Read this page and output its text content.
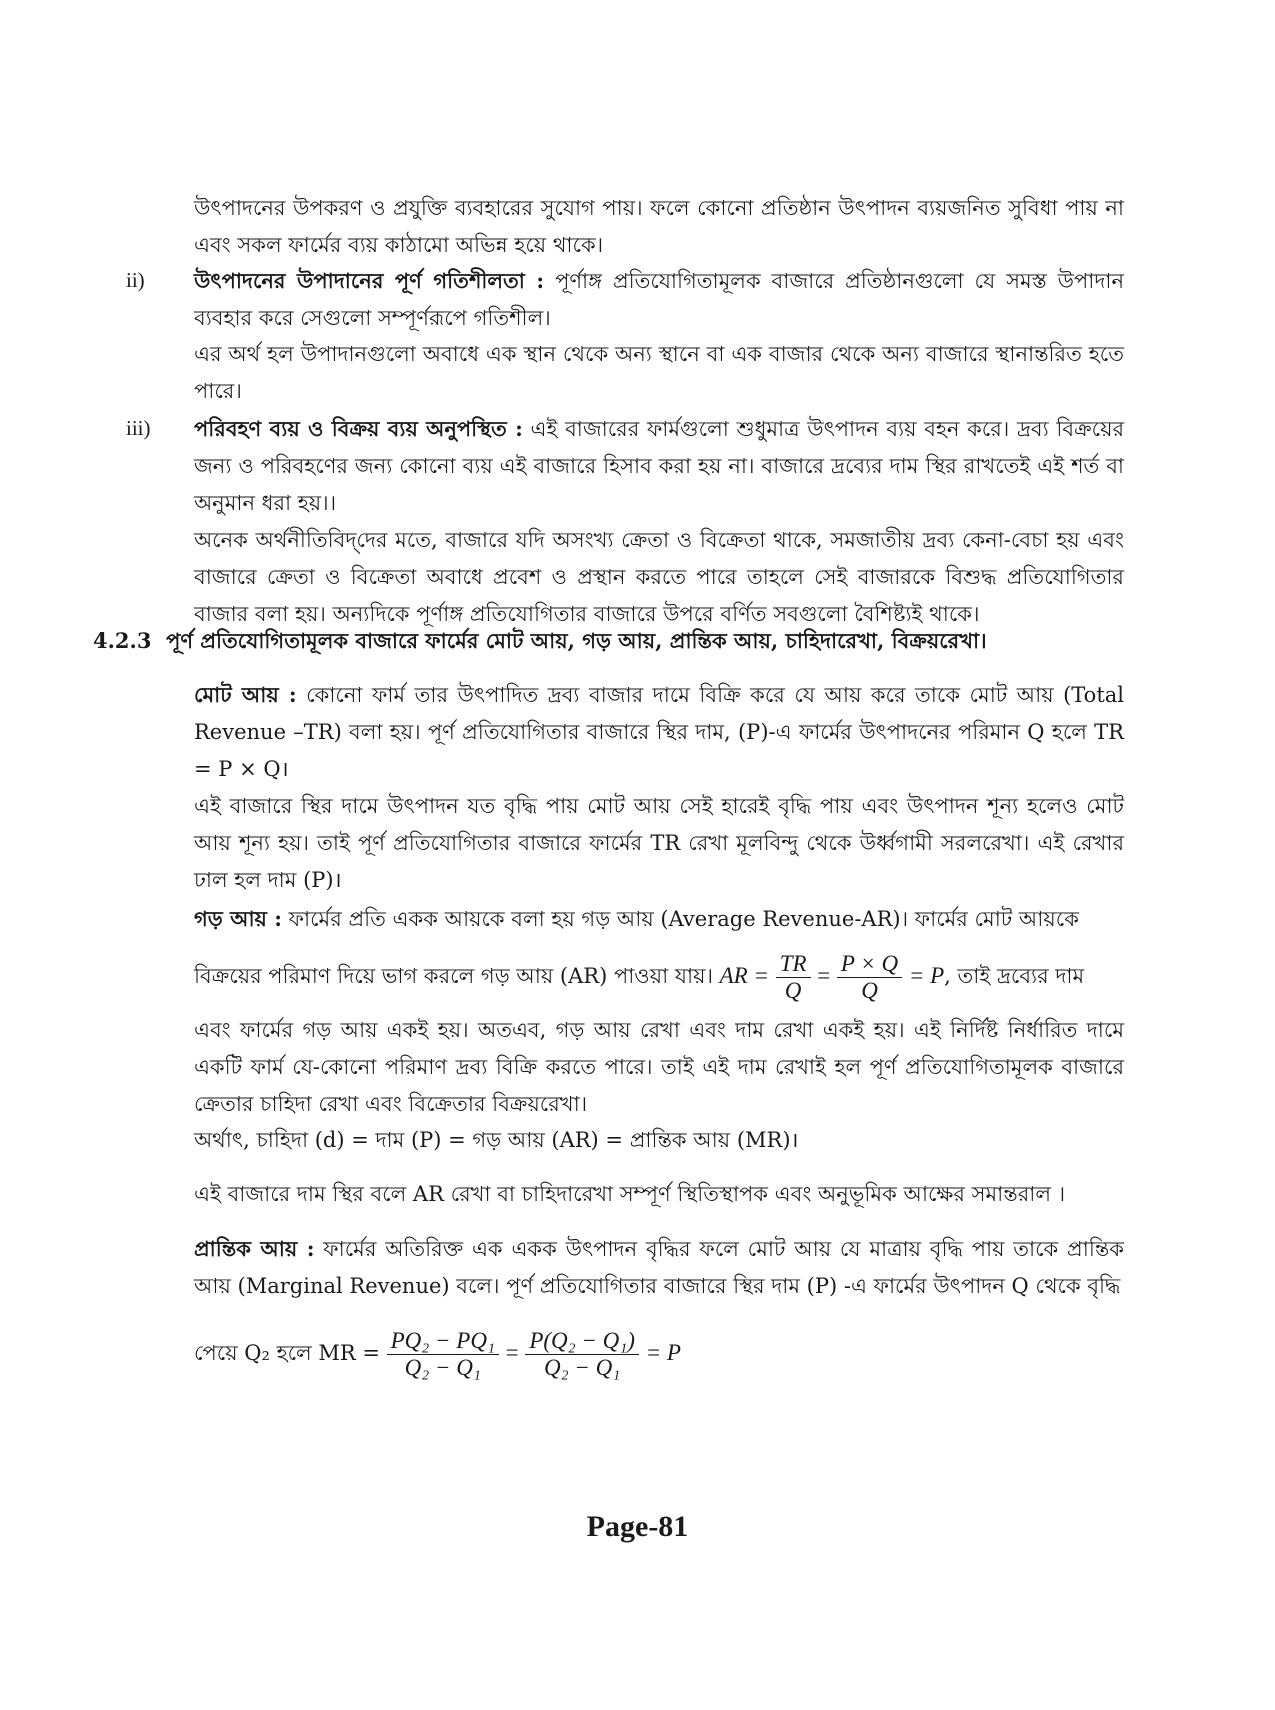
উৎপাদনের উপকরণ ও প্রযুক্তি ব্যবহারের সুযোগ পায়। ফলে কোনো প্রতিষ্ঠান উৎপাদন ব্যয়জনিত সুবিধা পায় না এবং সকল ফার্মের ব্যয় কাঠামো অভিন্ন হয়ে থাকে।

ii) উৎপাদনের উপাদানের পূর্ণ গতিশীলতা : পূর্ণাঙ্গ প্রতিযোগিতামূলক বাজারে প্রতিষ্ঠানগুলো যে সমস্ত উপাদান ব্যবহার করে সেগুলো সম্পূর্ণরূপে গতিশীল।

এর অর্থ হল উপাদানগুলো অবাধে এক স্থান থেকে অন্য স্থানে বা এক বাজার থেকে অন্য বাজারে স্থানান্তরিত হতে পারে।

iii) পরিবহণ ব্যয় ও বিক্রয় ব্যয় অনুপস্থিত : এই বাজারের ফার্মগুলো শুধুমাত্র উৎপাদন ব্যয় বহন করে। দ্রব্য বিক্রয়ের জন্য ও পরিবহণের জন্য কোনো ব্যয় এই বাজারে হিসাব করা হয় না। বাজারে দ্রব্যের দাম স্থির রাখতেই এই শর্ত বা অনুমান ধরা হয়।।

অনেক অর্থনীতিবিদ্‌দের মতে, বাজারে যদি অসংখ্য ক্রেতা ও বিক্রেতা থাকে, সমজাতীয় দ্রব্য কেনা-বেচা হয় এবং বাজারে ক্রেতা ও বিক্রেতা অবাধে প্রবেশ ও প্রস্থান করতে পারে তাহলে সেই বাজারকে বিশুদ্ধ প্রতিযোগিতার বাজার বলা হয়। অন্যদিকে পূর্ণাঙ্গ প্রতিযোগিতার বাজারে উপরে বর্ণিত সবগুলো বৈশিষ্ট্যই থাকে।

4.2.3 পূর্ণ প্রতিযোগিতামূলক বাজারে ফার্মের মোট আয়, গড় আয়, প্রান্তিক আয়, চাহিদারেখা, বিক্রয়রেখা।

মোট আয় : কোনো ফার্ম তার উৎপাদিত দ্রব্য বাজার দামে বিক্রি করে যে আয় করে তাকে মোট আয় (Total Revenue –TR) বলা হয়। পূর্ণ প্রতিযোগিতার বাজারে স্থির দাম, (P)-এ ফার্মের উৎপাদনের পরিমান Q হলে TR = P × Q।

এই বাজারে স্থির দামে উৎপাদন যত বৃদ্ধি পায় মোট আয় সেই হারেই বৃদ্ধি পায় এবং উৎপাদন শূন্য হলেও মোট আয় শূন্য হয়। তাই পূর্ণ প্রতিযোগিতার বাজারে ফার্মের TR রেখা মূলবিন্দু থেকে উর্ধ্বগামী সরলরেখা। এই রেখার ঢাল হল দাম (P)।

গড় আয় : ফার্মের প্রতি একক আয়কে বলা হয় গড় আয় (Average Revenue-AR)। ফার্মের মোট আয়কে

বিক্রয়ের পরিমাণ দিয়ে ভাগ করলে গড় আয় (AR) পাওয়া যায়। AR = $\frac{TR}{Q} = \frac{P \times Q}{Q} = P$, তাই দ্রব্যের দাম

এবং ফার্মের গড় আয় একই হয়। অতএব, গড় আয় রেখা এবং দাম রেখা একই হয়। এই নির্দিষ্ট নির্ধারিত দামে একটি ফার্ম যে-কোনো পরিমাণ দ্রব্য বিক্রি করতে পারে। তাই এই দাম রেখাই হল পূর্ণ প্রতিযোগিতামূলক বাজারে ক্রেতার চাহিদা রেখা এবং বিক্রেতার বিক্রয়রেখা।

অর্থাৎ, চাহিদা (d) = দাম (P) = গড় আয় (AR) = প্রান্তিক আয় (MR)।

এই বাজারে দাম স্থির বলে AR রেখা বা চাহিদারেখা সম্পূর্ণ স্থিতিস্থাপক এবং অনুভূমিক আক্ষের সমান্তরাল ।

প্রান্তিক আয় : ফার্মের অতিরিক্ত এক একক উৎপাদন বৃদ্ধির ফলে মোট আয় যে মাত্রায় বৃদ্ধি পায় তাকে প্রান্তিক আয় (Marginal Revenue) বলে। পূর্ণ প্রতিযোগিতার বাজারে স্থির দাম (P) -এ ফার্মের উৎপাদন Q থেকে বৃদ্ধি

পেয়ে Q₂ হলে MR = $\frac{\text{PQ₂ − PQ₁}}{\text{Q₂ − Q₁}} = \frac{\text{P(Q₂ − Q₁)}}{\text{Q₂ − Q₁}} = P$
Page-81
